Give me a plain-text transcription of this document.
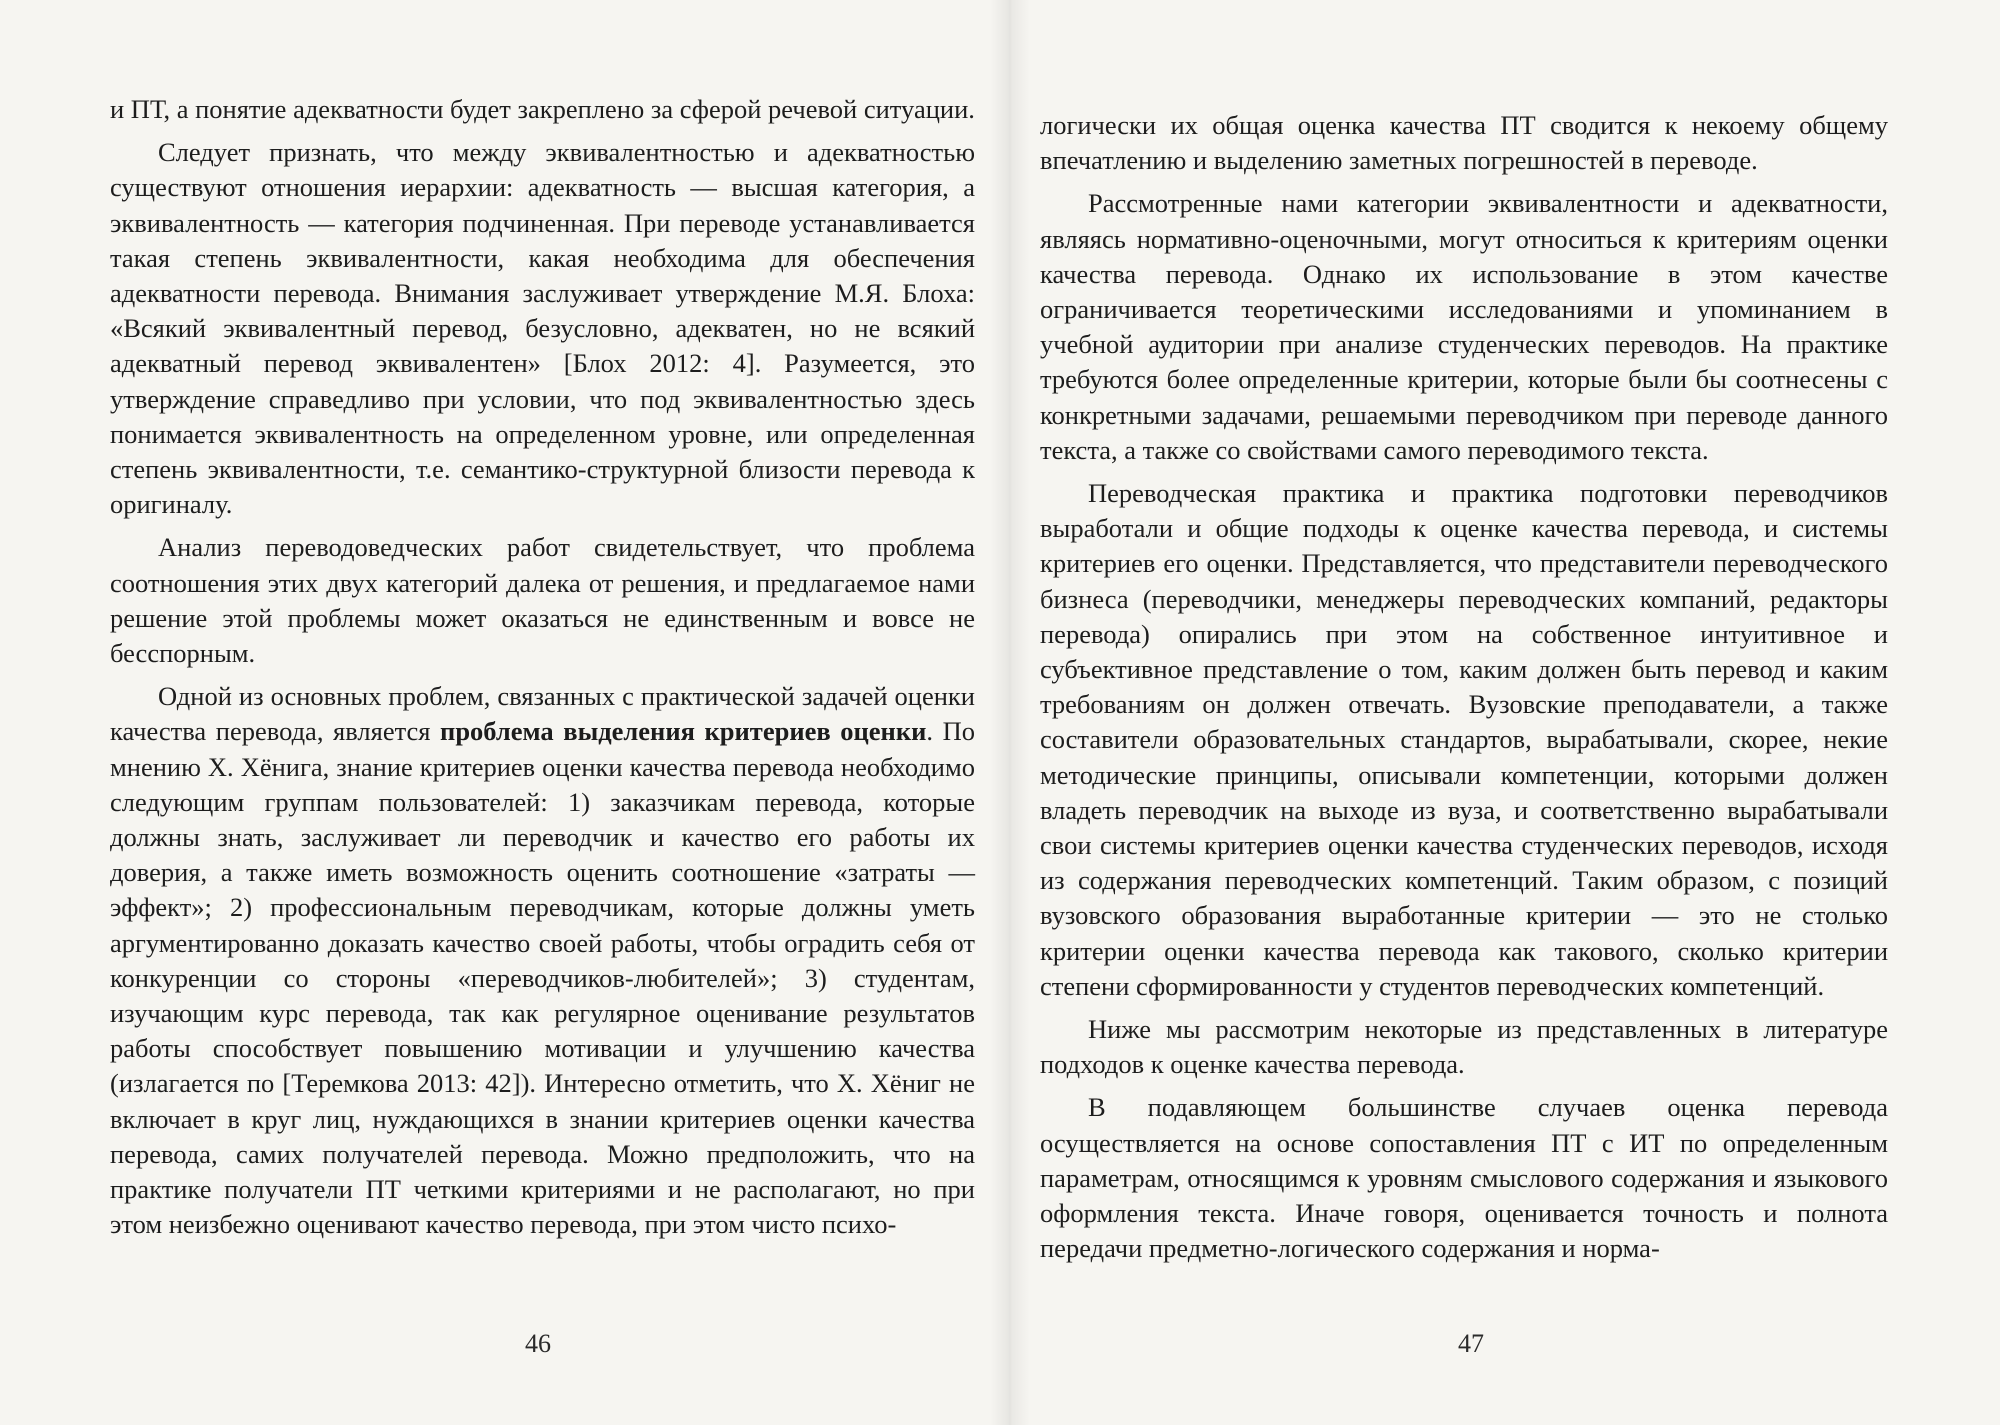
и ПТ, а понятие адекватности будет закреплено за сферой речевой ситуации.

Следует признать, что между эквивалентностью и адекватностью существуют отношения иерархии: адекватность — высшая категория, а эквивалентность — категория подчиненная. При переводе устанавливается такая степень эквивалентности, какая необходима для обеспечения адекватности перевода. Внимания заслуживает утверждение М.Я. Блоха: «Всякий эквивалентный перевод, безусловно, адекватен, но не всякий адекватный перевод эквивалентен» [Блох 2012: 4]. Разумеется, это утверждение справедливо при условии, что под эквивалентностью здесь понимается эквивалентность на определенном уровне, или определенная степень эквивалентности, т.е. семантико-структурной близости перевода к оригиналу.

Анализ переводоведческих работ свидетельствует, что проблема соотношения этих двух категорий далека от решения, и предлагаемое нами решение этой проблемы может оказаться не единственным и вовсе не бесспорным.

Одной из основных проблем, связанных с практической задачей оценки качества перевода, является проблема выделения критериев оценки. По мнению Х. Хёнига, знание критериев оценки качества перевода необходимо следующим группам пользователей: 1) заказчикам перевода, которые должны знать, заслуживает ли переводчик и качество его работы их доверия, а также иметь возможность оценить соотношение «затраты — эффект»; 2) профессиональным переводчикам, которые должны уметь аргументированно доказать качество своей работы, чтобы оградить себя от конкуренции со стороны «переводчиков-любителей»; 3) студентам, изучающим курс перевода, так как регулярное оценивание результатов работы способствует повышению мотивации и улучшению качества (излагается по [Теремкова 2013: 42]). Интересно отметить, что Х. Хёниг не включает в круг лиц, нуждающихся в знании критериев оценки качества перевода, самих получателей перевода. Можно предположить, что на практике получатели ПТ четкими критериями и не располагают, но при этом неизбежно оценивают качество перевода, при этом чисто психо-

логически их общая оценка качества ПТ сводится к некоему общему впечатлению и выделению заметных погрешностей в переводе.

Рассмотренные нами категории эквивалентности и адекватности, являясь нормативно-оценочными, могут относиться к критериям оценки качества перевода. Однако их использование в этом качестве ограничивается теоретическими исследованиями и упоминанием в учебной аудитории при анализе студенческих переводов. На практике требуются более определенные критерии, которые были бы соотнесены с конкретными задачами, решаемыми переводчиком при переводе данного текста, а также со свойствами самого переводимого текста.

Переводческая практика и практика подготовки переводчиков выработали и общие подходы к оценке качества перевода, и системы критериев его оценки. Представляется, что представители переводческого бизнеса (переводчики, менеджеры переводческих компаний, редакторы перевода) опирались при этом на собственное интуитивное и субъективное представление о том, каким должен быть перевод и каким требованиям он должен отвечать. Вузовские преподаватели, а также составители образовательных стандартов, вырабатывали, скорее, некие методические принципы, описывали компетенции, которыми должен владеть переводчик на выходе из вуза, и соответственно вырабатывали свои системы критериев оценки качества студенческих переводов, исходя из содержания переводческих компетенций. Таким образом, с позиций вузовского образования выработанные критерии — это не столько критерии оценки качества перевода как такового, сколько критерии степени сформированности у студентов переводческих компетенций.

Ниже мы рассмотрим некоторые из представленных в литературе подходов к оценке качества перевода.

В подавляющем большинстве случаев оценка перевода осуществляется на основе сопоставления ПТ с ИТ по определенным параметрам, относящимся к уровням смыслового содержания и языкового оформления текста. Иначе говоря, оценивается точность и полнота передачи предметно-логического содержания и норма-

46	47
